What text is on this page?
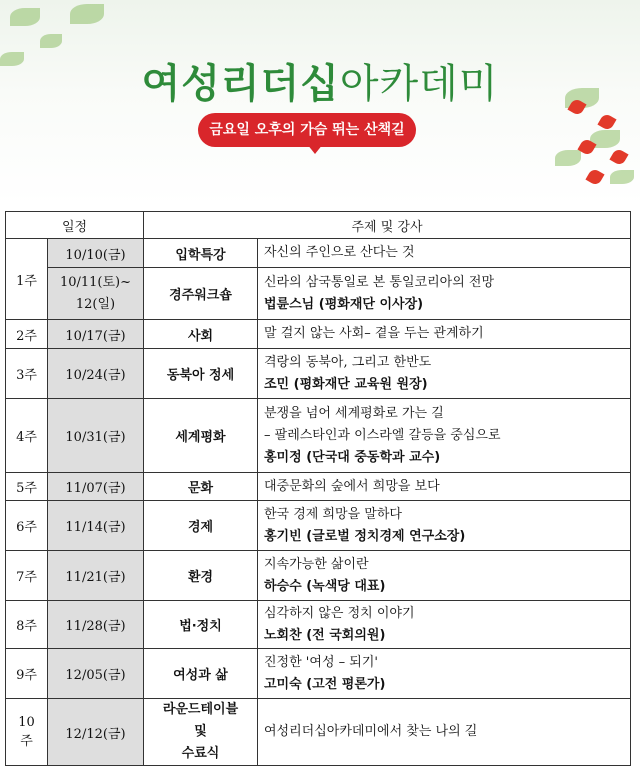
여성리더십아카데미
금요일 오후의 가슴 뛰는 산책길
일정		주제 및 강사	
1주	10/10(금)	입학특강	자신의 주인으로 산다는 것

	10/11(토)~
12(일)	경주워크숍	신라의 삼국통일로 본 통일코리아의 전망
법륜스님 (평화재단 이사장)

2주	10/17(금)	사회	말 걸지 않는 사회– 곁을 두는 관계하기

3주	10/24(금)	동북아 정세	격랑의 동북아, 그리고 한반도
조민 (평화재단 교육원 원장)

4주	10/31(금)	세계평화	분쟁을 넘어 세계평화로 가는 길
– 팔레스타인과 이스라엘 갈등을 중심으로
홍미정 (단국대 중동학과 교수)

5주	11/07(금)	문화	대중문화의 숲에서 희망을 보다

6주	11/14(금)	경제	한국 경제 희망을 말하다
홍기빈 (글로벌 정치경제 연구소장)

7주	11/21(금)	환경	지속가능한 삶이란
하승수 (녹색당 대표)

8주	11/28(금)	법·정치	심각하지 않은 정치 이야기
노회찬 (전 국회의원)

9주	12/05(금)	여성과 삶	진정한 '여성 – 되기'
고미숙 (고전 평론가)

10주	12/12(금)	라운드테이블
및
수료식	여성리더십아카데미에서 찾는 나의 길
